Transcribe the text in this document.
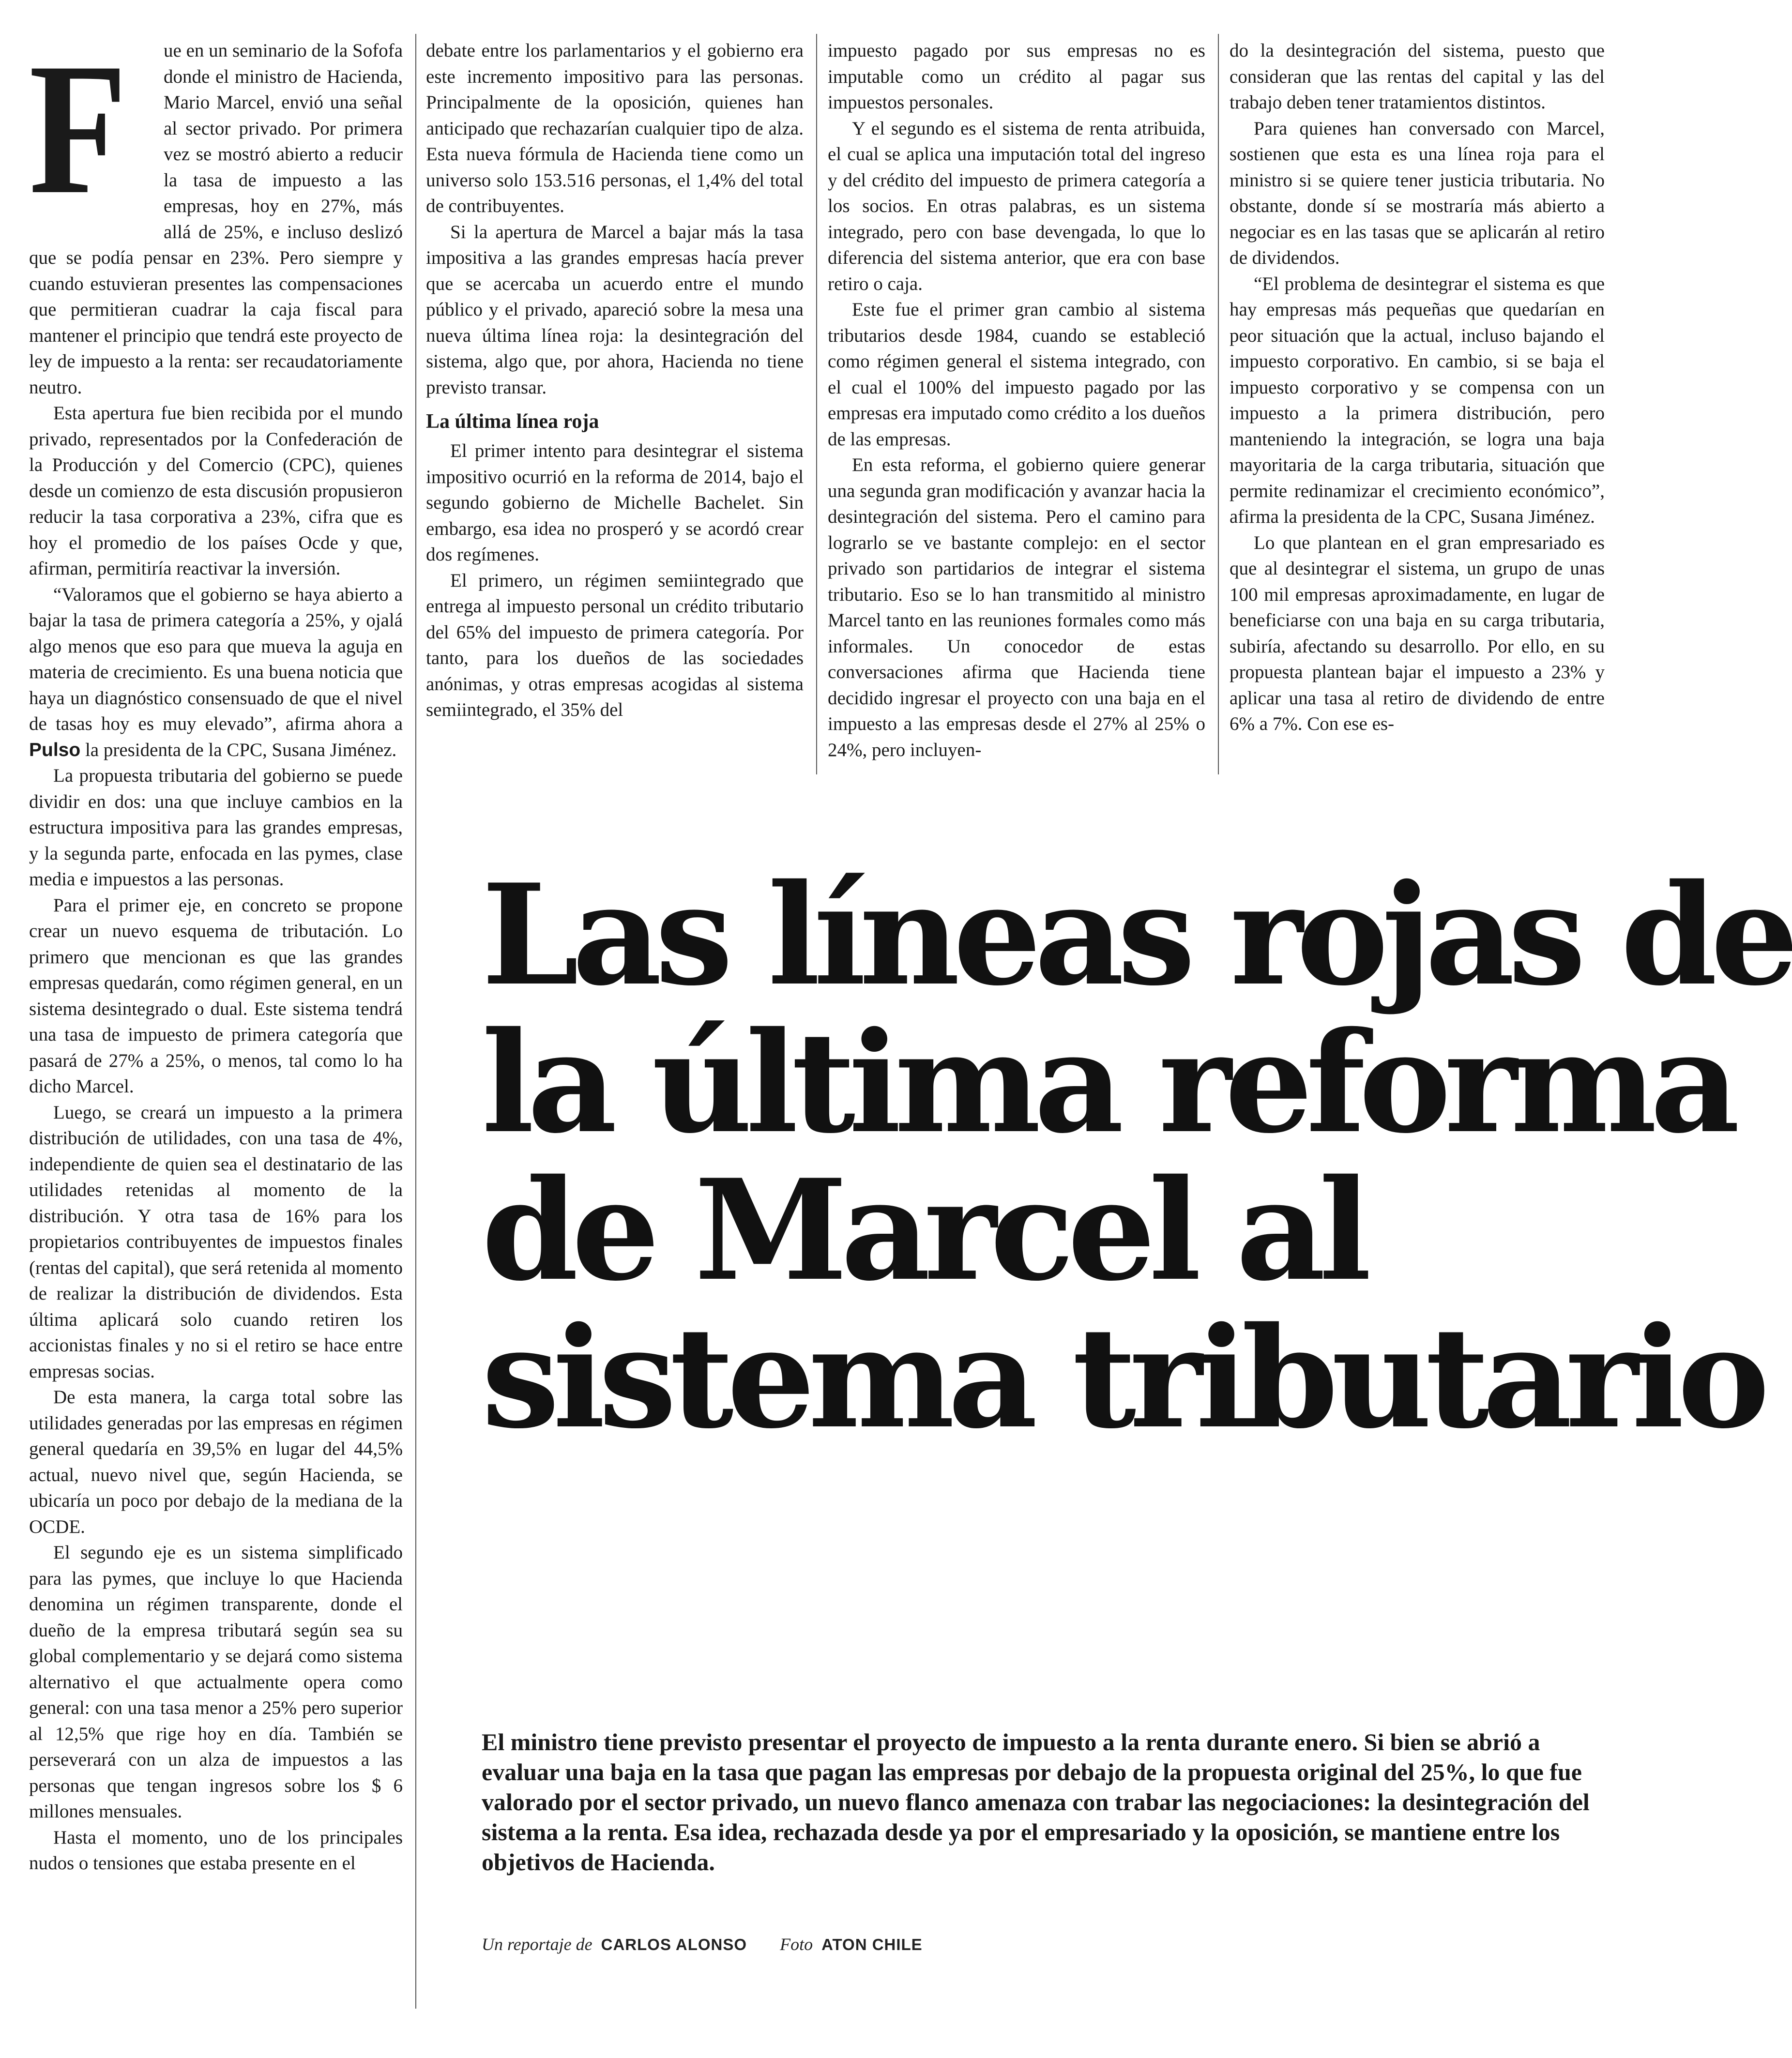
F	ue en un seminario de la Sofofa donde el ministro de Hacienda, Mario Marcel, envió una señal al sector privado. Por primera vez se mostró abierto a reducir la tasa de impuesto a las empresas, hoy en 27%, más allá de 25%, e incluso deslizó que se podía pensar en 23%. Pero siempre y cuando estuvieran presentes las compensaciones que permitieran cuadrar la caja fiscal para mantener el principio que tendrá este proyecto de ley de impuesto a la renta: ser recaudatoriamente neutro.

Esta apertura fue bien recibida por el mundo privado, representados por la Confederación de la Producción y del Comercio (CPC), quienes desde un comienzo de esta discusión propusieron reducir la tasa corporativa a 23%, cifra que es hoy el promedio de los países Ocde y que, afirman, permitiría reactivar la inversión.

“Valoramos que el gobierno se haya abierto a bajar la tasa de primera categoría a 25%, y ojalá algo menos que eso para que mueva la aguja en materia de crecimiento. Es una buena noticia que haya un diagnóstico consensuado de que el nivel de tasas hoy es muy elevado”, afirma ahora a Pulso la presidenta de la CPC, Susana Jiménez.

La propuesta tributaria del gobierno se puede dividir en dos: una que incluye cambios en la estructura impositiva para las grandes empresas, y la segunda parte, enfocada en las pymes, clase media e impuestos a las personas.

Para el primer eje, en concreto se propone crear un nuevo esquema de tributación. Lo primero que mencionan es que las grandes empresas quedarán, como régimen general, en un sistema desintegrado o dual. Este sistema tendrá una tasa de impuesto de primera categoría que pasará de 27% a 25%, o menos, tal como lo ha dicho Marcel.

Luego, se creará un impuesto a la primera distribución de utilidades, con una tasa de 4%, independiente de quien sea el destinatario de las utilidades retenidas al momento de la distribución. Y otra tasa de 16% para los propietarios contribuyentes de impuestos finales (rentas del capital), que será retenida al momento de realizar la distribución de dividendos. Esta última aplicará solo cuando retiren los accionistas finales y no si el retiro se hace entre empresas socias.

De esta manera, la carga total sobre las utilidades generadas por las empresas en régimen general quedaría en 39,5% en lugar del 44,5% actual, nuevo nivel que, según Hacienda, se ubicaría un poco por debajo de la mediana de la OCDE.

El segundo eje es un sistema simplificado para las pymes, que incluye lo que Hacienda denomina un régimen transparente, donde el dueño de la empresa tributará según sea su global complementario y se dejará como sistema alternativo el que actualmente opera como general: con una tasa menor a 25% pero superior al 12,5% que rige hoy en día. También se perseverará con un alza de impuestos a las personas que tengan ingresos sobre los $ 6 millones mensuales.

Hasta el momento, uno de los principales nudos o tensiones que estaba presente en el

debate entre los parlamentarios y el gobierno era este incremento impositivo para las personas. Principalmente de la oposición, quienes han anticipado que rechazarían cualquier tipo de alza. Esta nueva fórmula de Hacienda tiene como un universo solo 153.516 personas, el 1,4% del total de contribuyentes.

Si la apertura de Marcel a bajar más la tasa impositiva a las grandes empresas hacía prever que se acercaba un acuerdo entre el mundo público y el privado, apareció sobre la mesa una nueva última línea roja: la desintegración del sistema, algo que, por ahora, Hacienda no tiene previsto transar.

La última línea roja

El primer intento para desintegrar el sistema impositivo ocurrió en la reforma de 2014, bajo el segundo gobierno de Michelle Bachelet. Sin embargo, esa idea no prosperó y se acordó crear dos regímenes.

El primero, un régimen semiintegrado que entrega al impuesto personal un crédito tributario del 65% del impuesto de primera categoría. Por tanto, para los dueños de las sociedades anónimas, y otras empresas acogidas al sistema semiintegrado, el 35% del

impuesto pagado por sus empresas no es imputable como un crédito al pagar sus impuestos personales.

Y el segundo es el sistema de renta atribuida, el cual se aplica una imputación total del ingreso y del crédito del impuesto de primera categoría a los socios. En otras palabras, es un sistema integrado, pero con base devengada, lo que lo diferencia del sistema anterior, que era con base retiro o caja.

Este fue el primer gran cambio al sistema tributarios desde 1984, cuando se estableció como régimen general el sistema integrado, con el cual el 100% del impuesto pagado por las empresas era imputado como crédito a los dueños de las empresas.

En esta reforma, el gobierno quiere generar una segunda gran modificación y avanzar hacia la desintegración del sistema. Pero el camino para lograrlo se ve bastante complejo: en el sector privado son partidarios de integrar el sistema tributario. Eso se lo han transmitido al ministro Marcel tanto en las reuniones formales como más informales. Un conocedor de estas conversaciones afirma que Hacienda tiene decidido ingresar el proyecto con una baja en el impuesto a las empresas desde el 27% al 25% o 24%, pero incluyen-

do la desintegración del sistema, puesto que consideran que las rentas del capital y las del trabajo deben tener tratamientos distintos.

Para quienes han conversado con Marcel, sostienen que esta es una línea roja para el ministro si se quiere tener justicia tributaria. No obstante, donde sí se mostraría más abierto a negociar es en las tasas que se aplicarán al retiro de dividendos.

“El problema de desintegrar el sistema es que hay empresas más pequeñas que quedarían en peor situación que la actual, incluso bajando el impuesto corporativo. En cambio, si se baja el impuesto corporativo y se compensa con un impuesto a la primera distribución, pero manteniendo la integración, se logra una baja mayoritaria de la carga tributaria, situación que permite redinamizar el crecimiento económico”, afirma la presidenta de la CPC, Susana Jiménez.

Lo que plantean en el gran empresariado es que al desintegrar el sistema, un grupo de unas 100 mil empresas aproximadamente, en lugar de beneficiarse con una baja en su carga tributaria, subiría, afectando su desarrollo. Por ello, en su propuesta plantean bajar el impuesto a 23% y aplicar una tasa al retiro de dividendo de entre 6% a 7%. Con ese es-

Las líneas rojas de
la última reforma
de Marcel al
sistema tributario

El ministro tiene previsto presentar el proyecto de impuesto a la renta durante enero. Si bien se abrió a evaluar una baja en la tasa que pagan las empresas por debajo de la propuesta original del 25%, lo que fue valorado por el sector privado, un nuevo flanco amenaza con trabar las negociaciones: la desintegración del sistema a la renta. Esa idea, rechazada desde ya por el empresariado y la oposición, se mantiene entre los objetivos de Hacienda.

Un reportaje de CARLOS ALONSO Foto ATON CHILE
